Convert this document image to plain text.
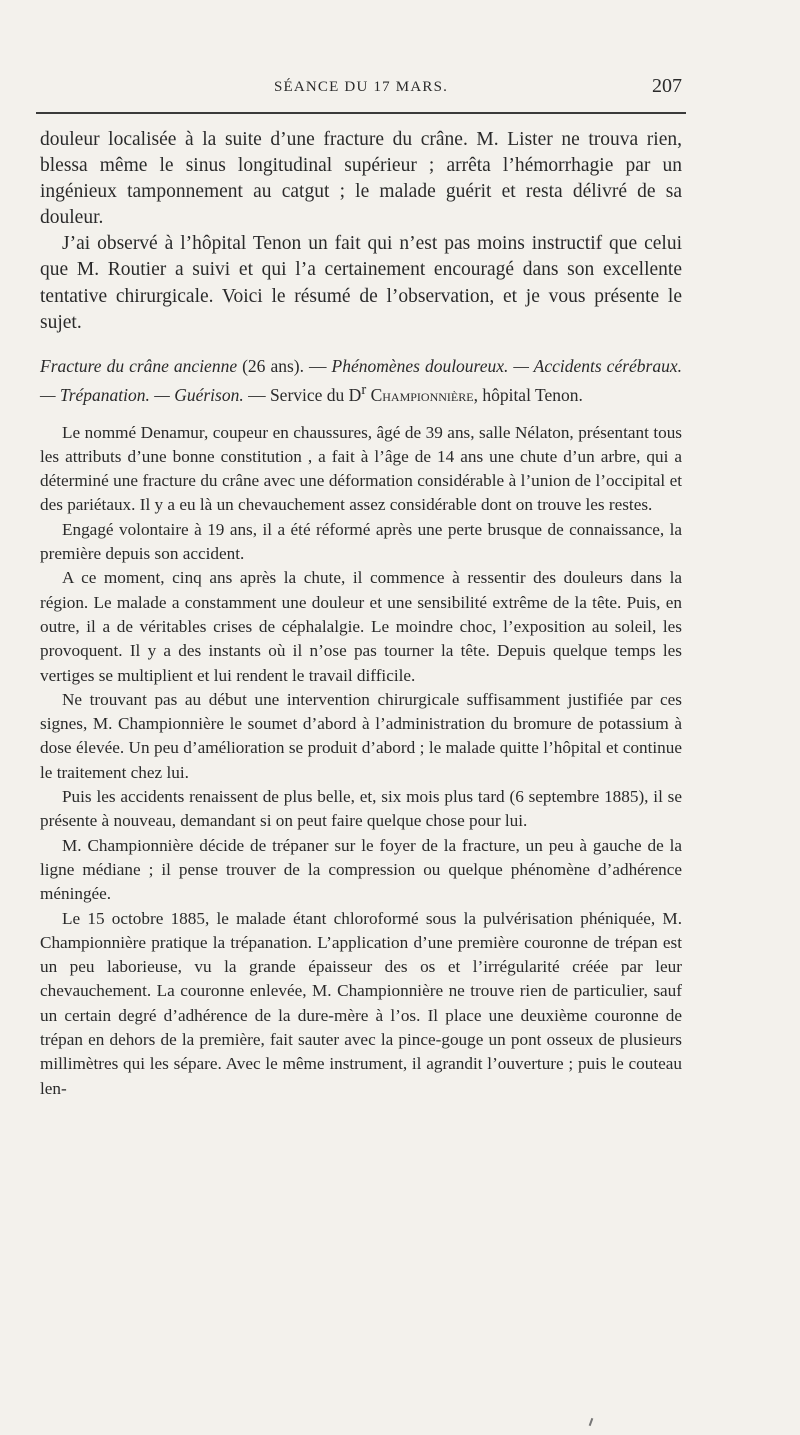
SÉANCE DU 17 MARS.	207

douleur localisée à la suite d’une fracture du crâne. M. Lister ne trouva rien, blessa même le sinus longitudinal supérieur ; arrêta l’hémorrhagie par un ingénieux tamponnement au catgut ; le malade guérit et resta délivré de sa douleur.

J’ai observé à l’hôpital Tenon un fait qui n’est pas moins instructif que celui que M. Routier a suivi et qui l’a certainement encouragé dans son excellente tentative chirurgicale. Voici le résumé de l’observation, et je vous présente le sujet.

Fracture du crâne ancienne (26 ans). — Phénomènes douloureux. — Accidents cérébraux. — Trépanation. — Guérison. — Service du $D^r$ Championnière, hôpital Tenon.

Le nommé Denamur, coupeur en chaussures, âgé de 39 ans, salle Nélaton, présentant tous les attributs d’une bonne constitution , a fait à l’âge de 14 ans une chute d’un arbre, qui a déterminé une fracture du crâne avec une déformation considérable à l’union de l’occipital et des pariétaux. Il y a eu là un chevauchement assez considérable dont on trouve les restes.

Engagé volontaire à 19 ans, il a été réformé après une perte brusque de connaissance, la première depuis son accident.

A ce moment, cinq ans après la chute, il commence à ressentir des douleurs dans la région. Le malade a constamment une douleur et une sensibilité extrême de la tête. Puis, en outre, il a de véritables crises de céphalalgie. Le moindre choc, l’exposition au soleil, les provoquent. Il y a des instants où il n’ose pas tourner la tête. Depuis quelque temps les vertiges se multiplient et lui rendent le travail difficile.

Ne trouvant pas au début une intervention chirurgicale suffisamment justifiée par ces signes, M. Championnière le soumet d’abord à l’administration du bromure de potassium à dose élevée. Un peu d’amélioration se produit d’abord ; le malade quitte l’hôpital et continue le traitement chez lui.

Puis les accidents renaissent de plus belle, et, six mois plus tard (6 septembre 1885), il se présente à nouveau, demandant si on peut faire quelque chose pour lui.

M. Championnière décide de trépaner sur le foyer de la fracture, un peu à gauche de la ligne médiane ; il pense trouver de la compression ou quelque phénomène d’adhérence méningée.

Le 15 octobre 1885, le malade étant chloroformé sous la pulvérisation phéniquée, M. Championnière pratique la trépanation. L’application d’une première couronne de trépan est un peu laborieuse, vu la grande épaisseur des os et l’irrégularité créée par leur chevauchement. La couronne enlevée, M. Championnière ne trouve rien de particulier, sauf un certain degré d’adhérence de la dure-mère à l’os. Il place une deuxième couronne de trépan en dehors de la première, fait sauter avec la pince-gouge un pont osseux de plusieurs millimètres qui les sépare. Avec le même instrument, il agrandit l’ouverture ; puis le couteau len-
